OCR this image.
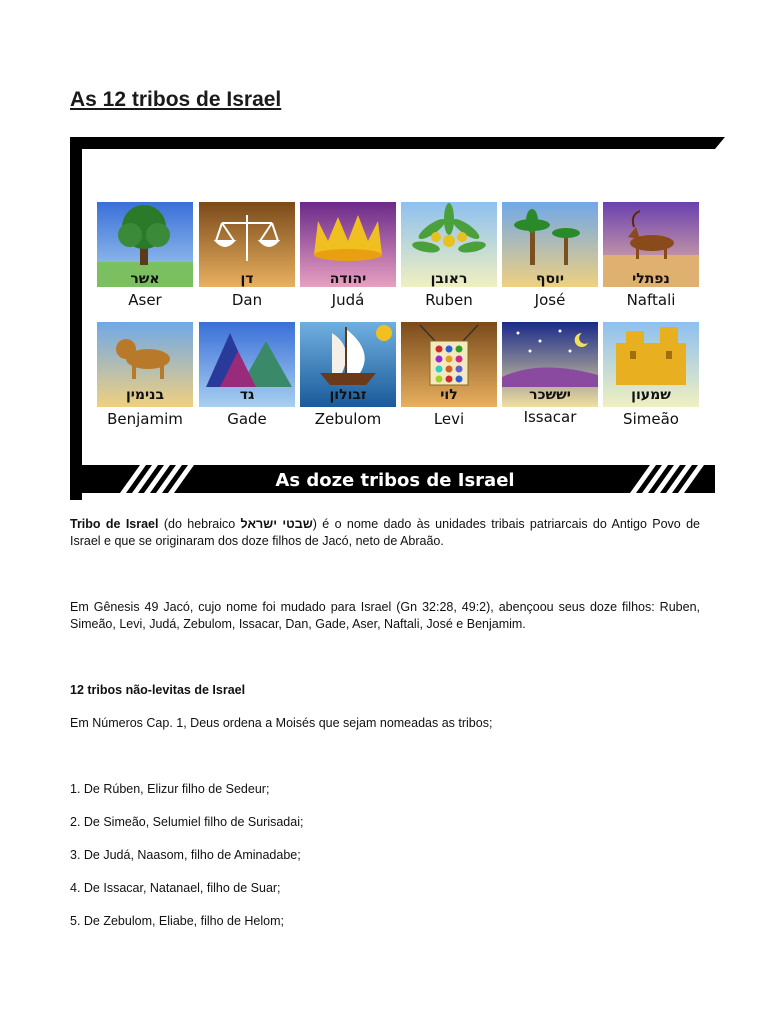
As 12 tribos de Israel
As doze tribos de Israel
אשר
Aser
דן
Dan
יהודה
Judá
ראובן
Ruben
יוסף
José
נפתלי
Naftali
בנימין
Benjamim
גד
Gade
זבולון
Zebulom
לוי
Levi
יששכר
Issacar
שמעון
Simeão

Tribo de Israel (do hebraico שבטי ישראל) é o nome dado às unidades tribais patriarcais do Antigo Povo de Israel e que se originaram dos doze filhos de Jacó, neto de Abraão.

Em Gênesis 49 Jacó, cujo nome foi mudado para Israel (Gn 32:28, 49:2), abençoou seus doze filhos: Ruben, Simeão, Levi, Judá, Zebulom, Issacar, Dan, Gade, Aser, Naftali, José e Benjamim.

12 tribos não-levitas de Israel

Em Números Cap. 1, Deus ordena a Moisés que sejam nomeadas as tribos;

1. De Rúben, Elizur filho de Sedeur;

2. De Simeão, Selumiel filho de Surisadai;

3. De Judá, Naasom, filho de Aminadabe;

4. De Issacar, Natanael, filho de Suar;

5. De Zebulom, Eliabe, filho de Helom;
